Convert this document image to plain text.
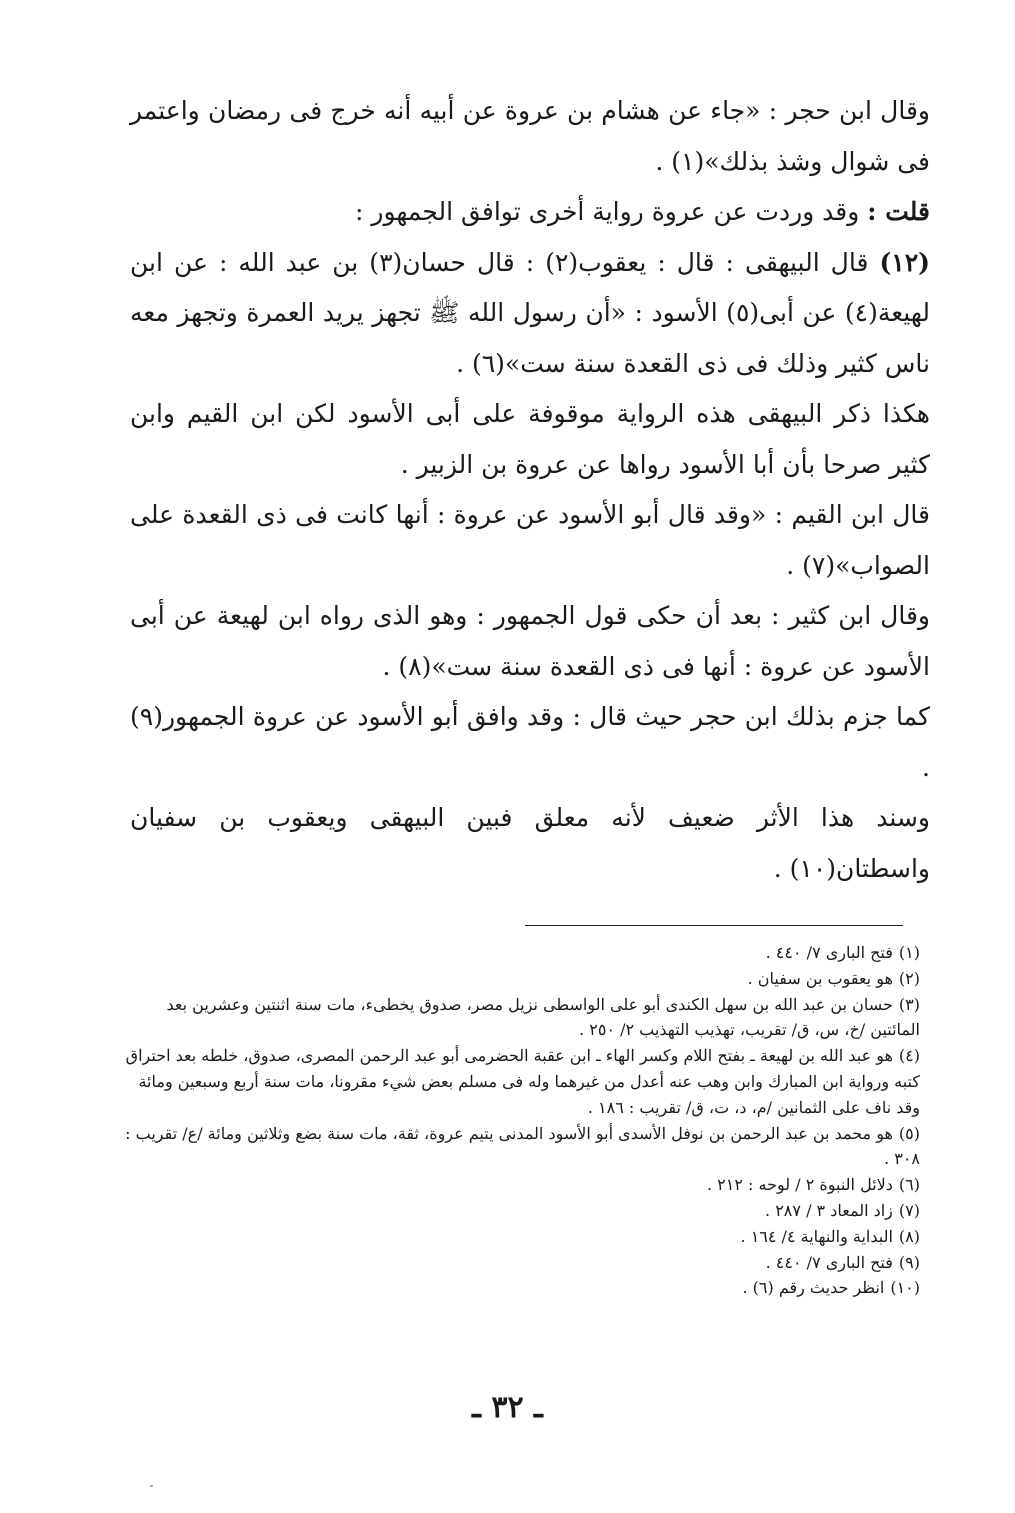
وقال ابن حجر : «جاء عن هشام بن عروة عن أبيه أنه خرج فى رمضان واعتمر فى شوال وشذ بذلك»(١) .

قلت : وقد وردت عن عروة رواية أخرى توافق الجمهور :

(١٢) قال البيهقى : قال : يعقوب(٢) : قال حسان(٣) بن عبد الله : عن ابن لهيعة(٤) عن أبى(٥) الأسود : «أن رسول الله ﷺ تجهز يريد العمرة وتجهز معه ناس كثير وذلك فى ذى القعدة سنة ست»(٦) .

هكذا ذكر البيهقى هذه الرواية موقوفة على أبى الأسود لكن ابن القيم وابن كثير صرحا بأن أبا الأسود رواها عن عروة بن الزبير .

قال ابن القيم : «وقد قال أبو الأسود عن عروة : أنها كانت فى ذى القعدة على الصواب»(٧) .

وقال ابن كثير : بعد أن حكى قول الجمهور : وهو الذى رواه ابن لهيعة عن أبى الأسود عن عروة : أنها فى ذى القعدة سنة ست»(٨) .

كما جزم بذلك ابن حجر حيث قال : وقد وافق أبو الأسود عن عروة الجمهور(٩) .

وسند هذا الأثر ضعيف لأنه معلق فبين البيهقى ويعقوب بن سفيان واسطتان(١٠) .

(١)فتح البارى ٧/ ٤٤٠ .

(٢)هو يعقوب بن سفيان .

(٣)حسان بن عبد الله بن سهل الكندى أبو على الواسطى نزيل مصر، صدوق يخطىء، مات سنة اثنتين وعشرين بعد المائتين /خ، س، ق/ تقريب، تهذيب التهذيب ٢/ ٢٥٠ .

(٤)هو عبد الله بن لهيعة ـ بفتح اللام وكسر الهاء ـ ابن عقبة الحضرمى أبو عبد الرحمن المصرى، صدوق، خلطه بعد احتراق كتبه ورواية ابن المبارك وابن وهب عنه أعدل من غيرهما وله فى مسلم بعض شيء مقرونا، مات سنة أربع وسبعين ومائة وقد ناف على الثمانين /م، د، ت، ق/ تقريب : ١٨٦ .

(٥)هو محمد بن عبد الرحمن بن نوفل الأسدى أبو الأسود المدنى يتيم عروة، ثقة، مات سنة بضع وثلاثين ومائة /ع/ تقريب : ٣٠٨ .

(٦)دلائل النبوة ٢ / لوحه : ٢١٢ .

(٧)زاد المعاد ٣ / ٢٨٧ .

(٨)البداية والنهاية ٤/ ١٦٤ .

(٩)فتح البارى ٧/ ٤٤٠ .

(١٠)انظر حديث رقم (٦) .

ـ ٣٢ ـ
